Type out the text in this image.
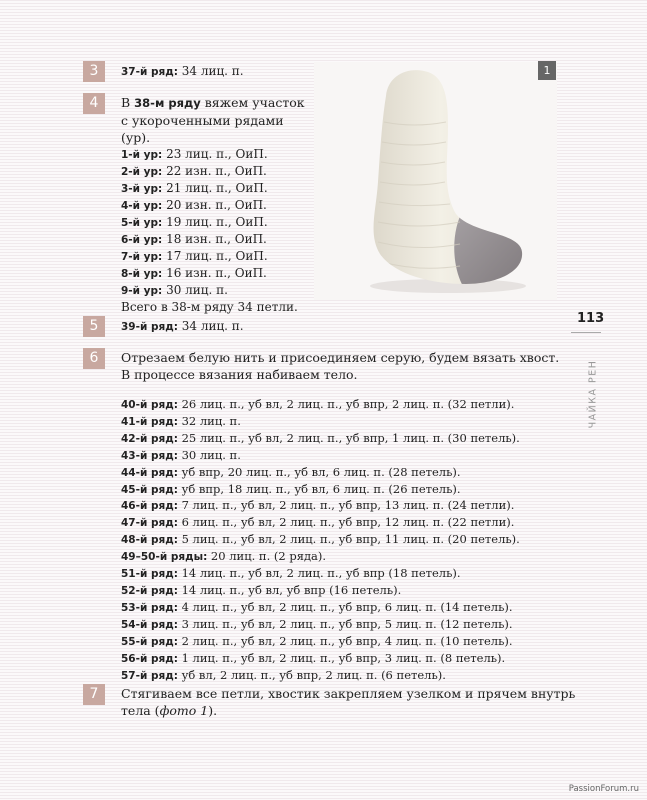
3
4
5
6
7
37-й ряд: 34 лиц. п.
В 38-м ряду вяжем участок
с укороченными рядами
(ур).
1-й ур: 23 лиц. п., ОиП.
2-й ур: 22 изн. п., ОиП.
3-й ур: 21 лиц. п., ОиП.
4-й ур: 20 изн. п., ОиП.
5-й ур: 19 лиц. п., ОиП.
6-й ур: 18 изн. п., ОиП.
7-й ур: 17 лиц. п., ОиП.
8-й ур: 16 изн. п., ОиП.
9-й ур: 30 лиц. п.
Всего в 38-м ряду 34 петли.
39-й ряд: 34 лиц. п.
Отрезаем белую нить и присоединяем серую, будем вязать хвост.
В процессе вязания набиваем тело.
40-й ряд: 26 лиц. п., уб вл, 2 лиц. п., уб впр, 2 лиц. п. (32 петли).
41-й ряд: 32 лиц. п.
42-й ряд: 25 лиц. п., уб вл, 2 лиц. п., уб впр, 1 лиц. п. (30 петель).
43-й ряд: 30 лиц. п.
44-й ряд: уб впр, 20 лиц. п., уб вл, 6 лиц. п. (28 петель).
45-й ряд: уб впр, 18 лиц. п., уб вл, 6 лиц. п. (26 петель).
46-й ряд: 7 лиц. п., уб вл, 2 лиц. п., уб впр, 13 лиц. п. (24 петли).
47-й ряд: 6 лиц. п., уб вл, 2 лиц. п., уб впр, 12 лиц. п. (22 петли).
48-й ряд: 5 лиц. п., уб вл, 2 лиц. п., уб впр, 11 лиц. п. (20 петель).
49–50-й ряды: 20 лиц. п. (2 ряда).
51-й ряд: 14 лиц. п., уб вл, 2 лиц. п., уб впр (18 петель).
52-й ряд: 14 лиц. п., уб вл, уб впр (16 петель).
53-й ряд: 4 лиц. п., уб вл, 2 лиц. п., уб впр, 6 лиц. п. (14 петель).
54-й ряд: 3 лиц. п., уб вл, 2 лиц. п., уб впр, 5 лиц. п. (12 петель).
55-й ряд: 2 лиц. п., уб вл, 2 лиц. п., уб впр, 4 лиц. п. (10 петель).
56-й ряд: 1 лиц. п., уб вл, 2 лиц. п., уб впр, 3 лиц. п. (8 петель).
57-й ряд: уб вл, 2 лиц. п., уб впр, 2 лиц. п. (6 петель).
Стягиваем все петли, хвостик закрепляем узелком и прячем внутрь
тела (фото 1).
1
113
ЧАЙКА РЕН
PassionForum.ru
